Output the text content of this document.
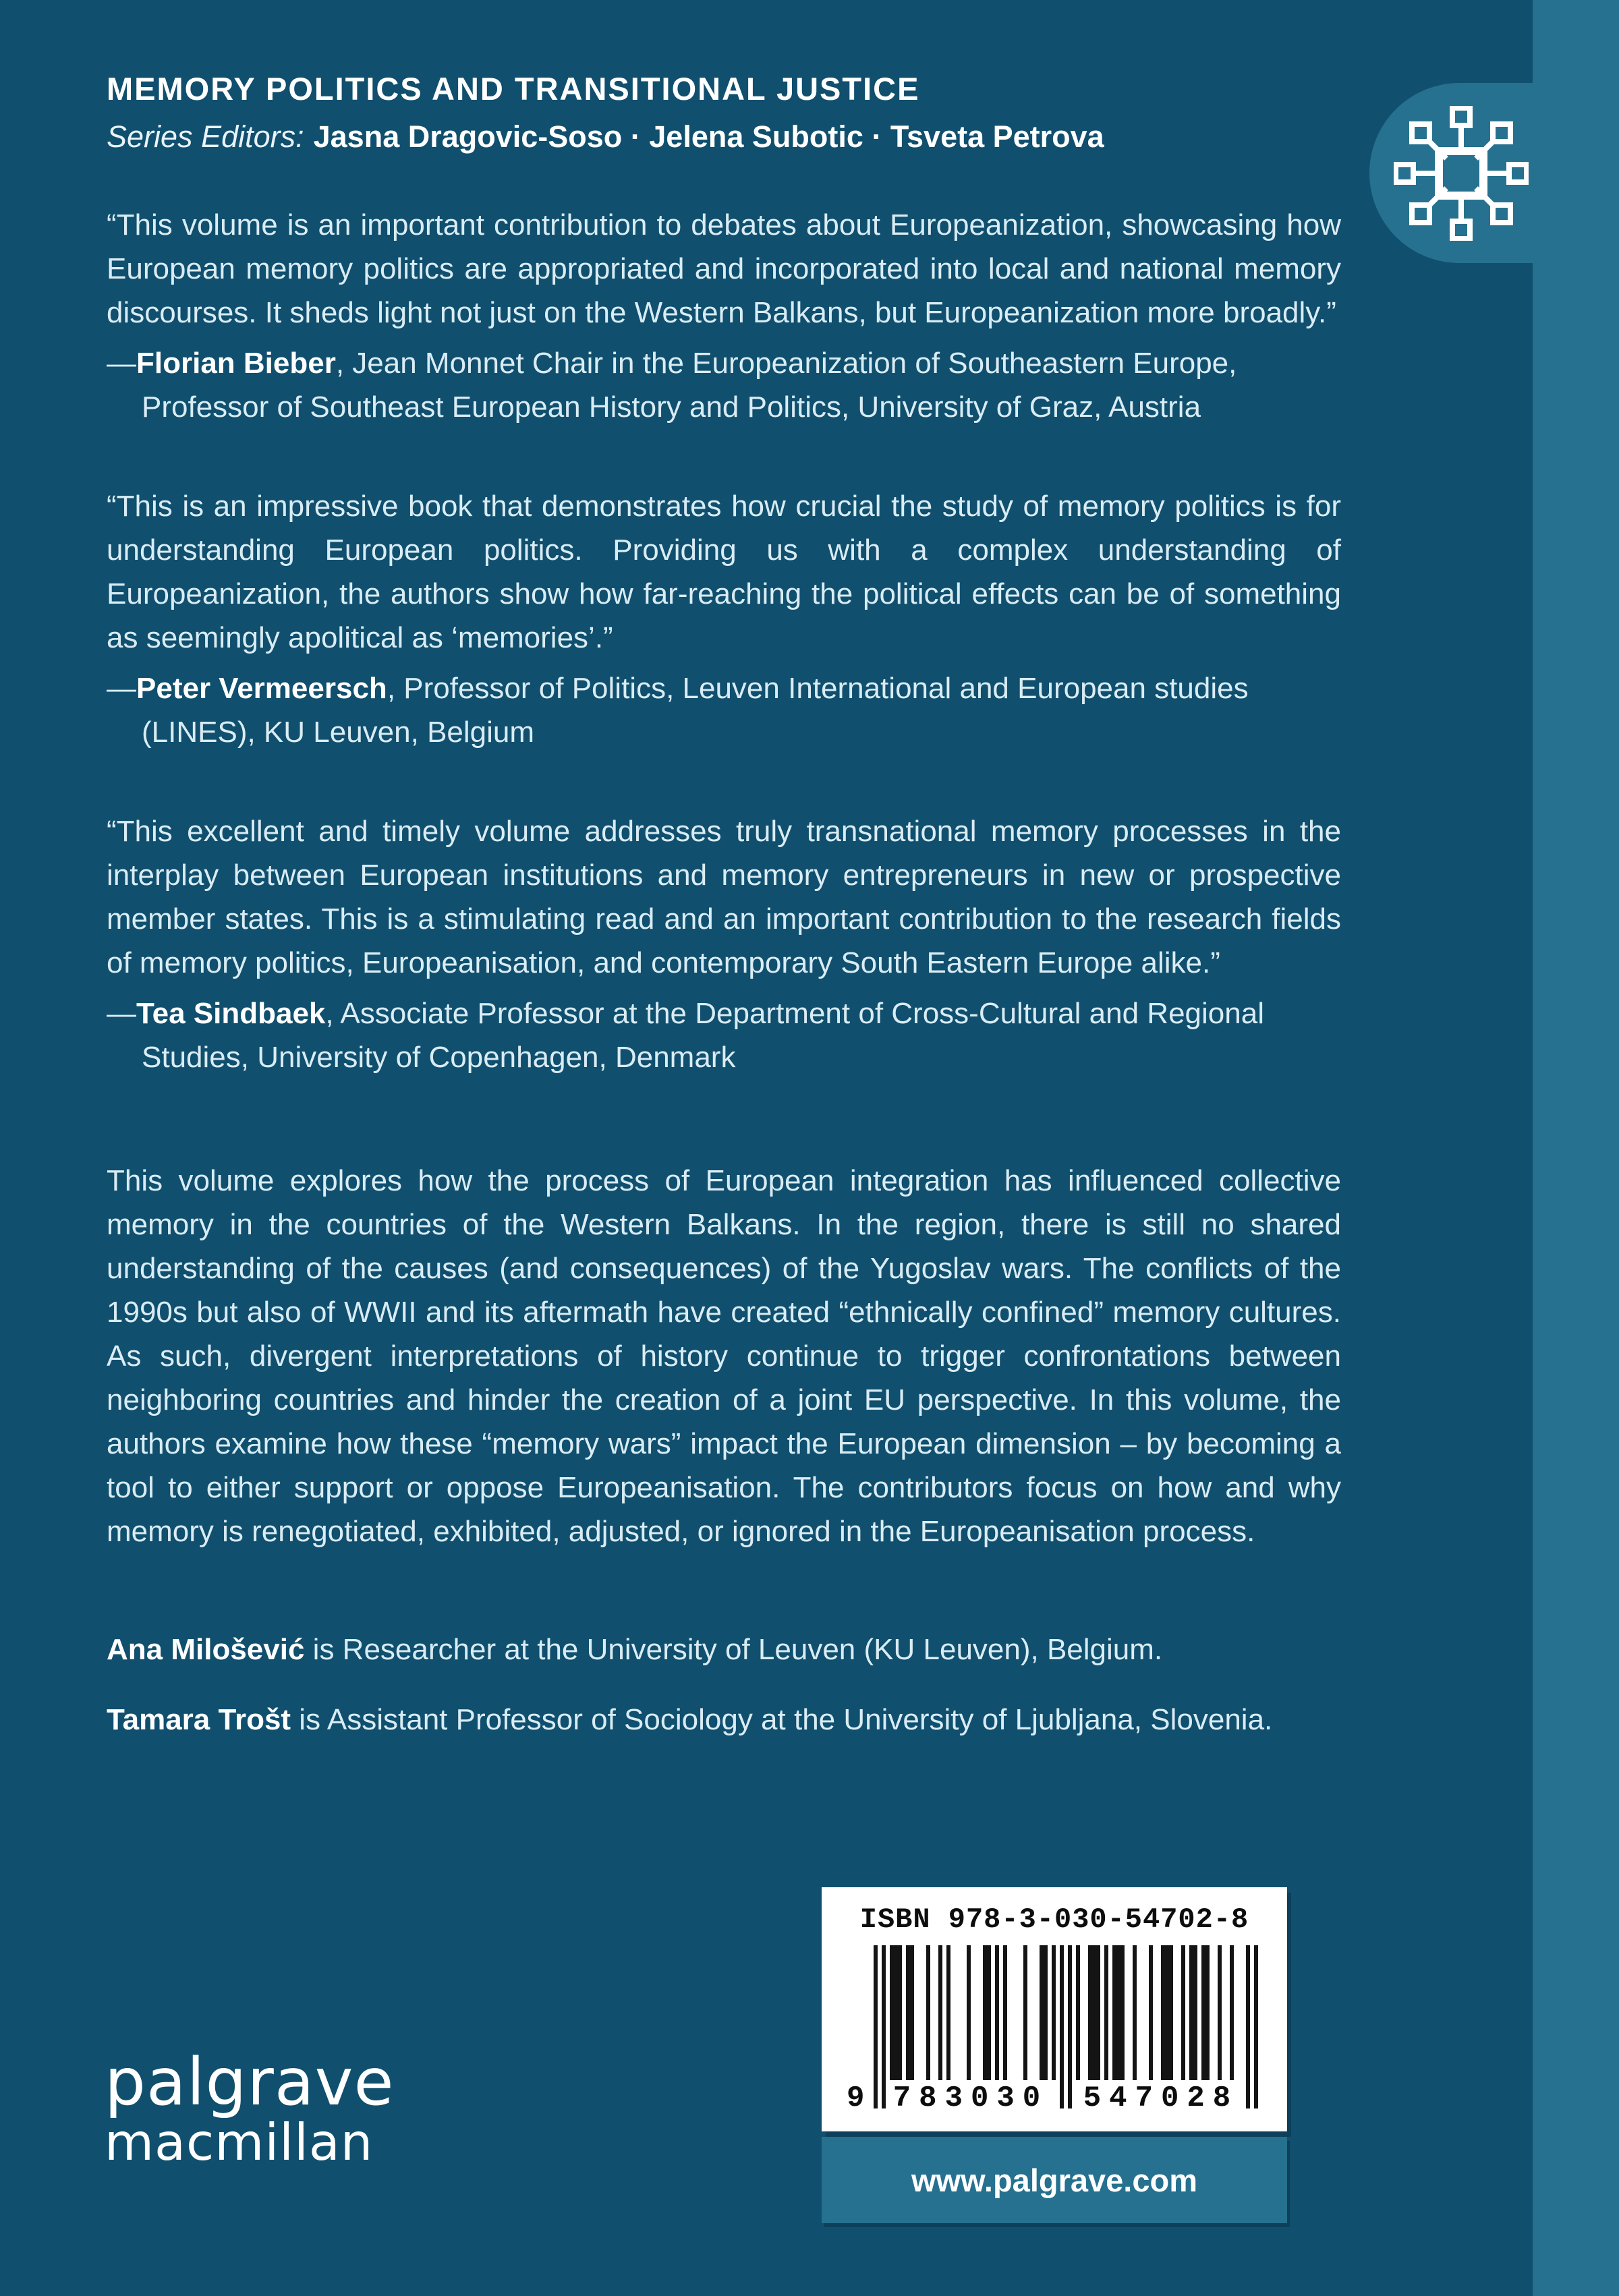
MEMORY POLITICS AND TRANSITIONAL JUSTICE
Series Editors: Jasna Dragovic-Soso · Jelena Subotic · Tsveta Petrova

“This volume is an important contribution to debates about Europeanization, showcasing how European memory politics are appropriated and incorporated into local and national memory discourses. It sheds light not just on the Western Balkans, but Europeanization more broadly.”

—Florian Bieber, Jean Monnet Chair in the Europeanization of Southeastern Europe, Professor of Southeast European History and Politics, University of Graz, Austria

“This is an impressive book that demonstrates how crucial the study of memory politics is for understanding European politics. Providing us with a complex understanding of Europeanization, the authors show how far-reaching the political effects can be of something as seemingly apolitical as ‘memories’.”

—Peter Vermeersch, Professor of Politics, Leuven International and European studies (LINES), KU Leuven, Belgium

“This excellent and timely volume addresses truly transnational memory processes in the interplay between European institutions and memory entrepreneurs in new or prospective member states. This is a stimulating read and an important contribution to the research fields of memory politics, Europeanisation, and contemporary South Eastern Europe alike.”

—Tea Sindbaek, Associate Professor at the Department of Cross-Cultural and Regional Studies, University of Copenhagen, Denmark

This volume explores how the process of European integration has influenced collective memory in the countries of the Western Balkans. In the region, there is still no shared understanding of the causes (and consequences) of the Yugoslav wars. The conflicts of the 1990s but also of WWII and its aftermath have created “ethnically confined” memory cultures. As such, divergent interpretations of history continue to trigger confrontations between neighboring countries and hinder the creation of a joint EU perspective. In this volume, the authors examine how these “memory wars” impact the European dimension – by becoming a tool to either support or oppose Europeanisation. The contributors focus on how and why memory is renegotiated, exhibited, adjusted, or ignored in the Europeanisation process.

Ana Milošević is Researcher at the University of Leuven (KU Leuven), Belgium.

Tamara Trošt is Assistant Professor of Sociology at the University of Ljubljana, Slovenia.

palgrave
macmillan
ISBN 978-3-030-54702-8
9 783030 547028
www.palgrave.com
